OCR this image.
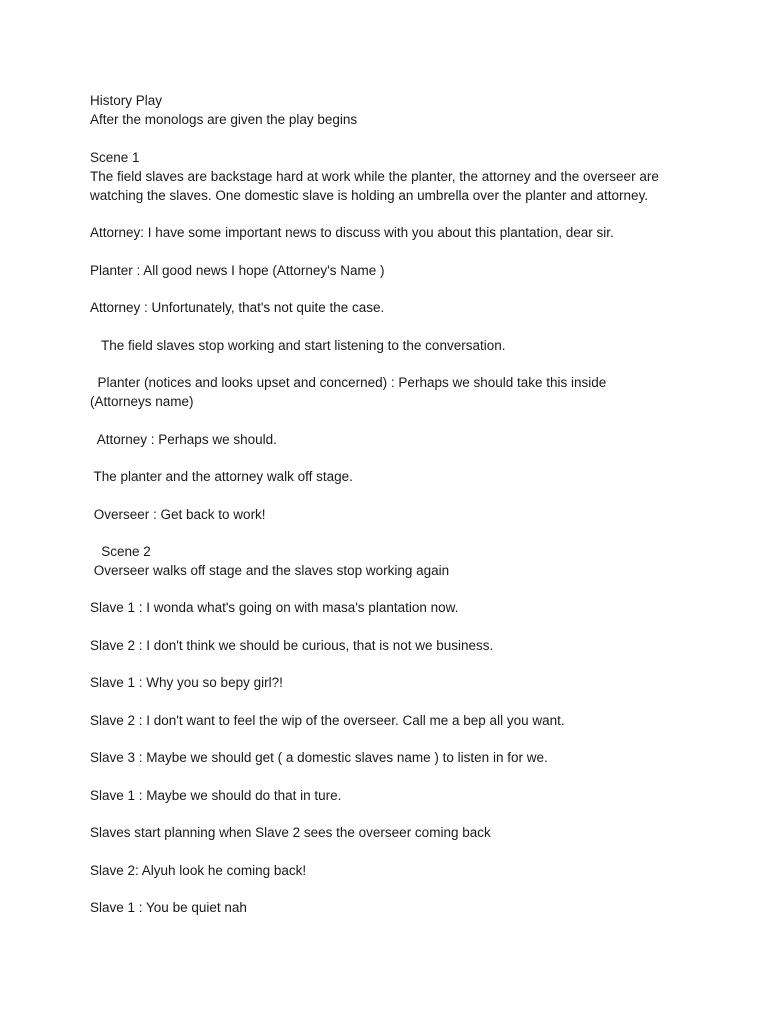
History Play
After the monologs are given the play begins
Scene 1
The field slaves are backstage hard at work while the planter, the attorney and the overseer are
watching the slaves. One domestic slave is holding an umbrella over the planter and attorney.
Attorney: I have some important news to discuss with you about this plantation, dear sir.
Planter : All good news I hope (Attorney's Name )
Attorney : Unfortunately, that's not quite the case.
The field slaves stop working and start listening to the conversation.
Planter (notices and looks upset and concerned) : Perhaps we should take this inside
(Attorneys name)
Attorney : Perhaps we should.
The planter and the attorney walk off stage.
Overseer : Get back to work!
Scene 2
Overseer walks off stage and the slaves stop working again
Slave 1 : I wonda what's going on with masa's plantation now.
Slave 2 : I don't think we should be curious, that is not we business.
Slave 1 : Why you so bepy girl?!
Slave 2 : I don't want to feel the wip of the overseer. Call me a bep all you want.
Slave 3 : Maybe we should get ( a domestic slaves name ) to listen in for we.
Slave 1 : Maybe we should do that in ture.
Slaves start planning when Slave 2 sees the overseer coming back
Slave 2: Alyuh look he coming back!
Slave 1 : You be quiet nah
